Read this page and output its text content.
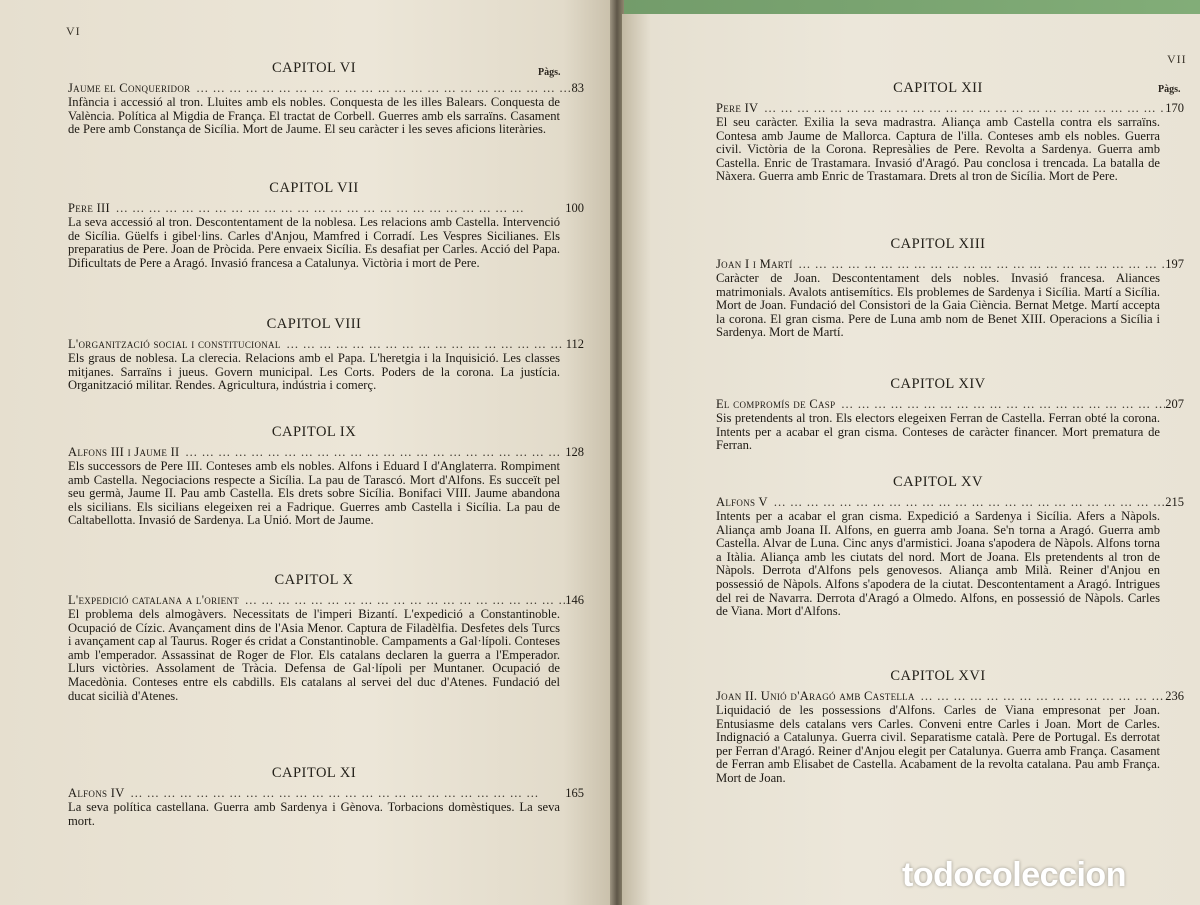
VI
Pàgs.
CAPITOL VI
Jaume el Conqueridor ... .	83
Infància i accessió al tron. Lluites amb els nobles. Conquesta de les illes Balears. Conquesta de València. Política al Migdia de França. El tractat de Corbell. Guerres amb els sarraïns. Casament de Pere amb Constança de Sicília. Mort de Jaume. El seu caràcter i les seves aficions literàries.
CAPITOL VII
Pere III ... .	100
La seva accessió al tron. Descontentament de la noblesa. Les relacions amb Castella. Intervenció de Sicília. Güelfs i gibel·lins. Carles d'Anjou, Mamfred i Corradí. Les Vespres Sicilianes. Els preparatius de Pere. Joan de Pròcida. Pere envaeix Sicília. Es desafiat per Carles. Acció del Papa. Dificultats de Pere a Aragó. Invasió francesa a Catalunya. Victòria i mort de Pere.
CAPITOL VIII
L'organització social i constitucional ... .	112
Els graus de noblesa. La clerecia. Relacions amb el Papa. L'heretgia i la Inquisició. Les classes mitjanes. Sarraïns i jueus. Govern municipal. Les Corts. Poders de la corona. La justícia. Organització militar. Rendes. Agricultura, indústria i comerç.
CAPITOL IX
Alfons III i Jaume II ... .	128
Els successors de Pere III. Conteses amb els nobles. Alfons i Eduard I d'Anglaterra. Rompiment amb Castella. Negociacions respecte a Sicília. La pau de Tarascó. Mort d'Alfons. Es succeït pel seu germà, Jaume II. Pau amb Castella. Els drets sobre Sicília. Bonifaci VIII. Jaume abandona els sicilians. Els sicilians elegeixen rei a Fadrique. Guerres amb Castella i Sicília. La pau de Caltabellotta. Invasió de Sardenya. La Unió. Mort de Jaume.
CAPITOL X
L'expedició catalana a l'orient ... .	146
El problema dels almogàvers. Necessitats de l'imperi Bizantí. L'expedició a Constantinoble. Ocupació de Cízic. Avançament dins de l'Asia Menor. Captura de Filadèlfia. Desfetes dels Turcs i avançament cap al Taurus. Roger és cridat a Constantinoble. Campaments a Gal·lípoli. Conteses amb l'emperador. Assassinat de Roger de Flor. Els catalans declaren la guerra a l'Emperador. Llurs victòries. Assolament de Tràcia. Defensa de Gal·lípoli per Muntaner. Ocupació de Macedònia. Conteses entre els cabdills. Els catalans al servei del duc d'Atenes. Fundació del ducat sicilià d'Atenes.
CAPITOL XI
Alfons IV ... .	165
La seva política castellana. Guerra amb Sardenya i Gènova. Torbacions domèstiques. La seva mort.
VII
Pàgs.
CAPITOL XII
Pere IV ... .	170
El seu caràcter. Exilia la seva madrastra. Aliança amb Castella contra els sarraïns. Contesa amb Jaume de Mallorca. Captura de l'illa. Conteses amb els nobles. Guerra civil. Victòria de la Corona. Represàlies de Pere. Revolta a Sardenya. Guerra amb Castella. Enric de Trastamara. Invasió d'Aragó. Pau conclosa i trencada. La batalla de Nàxera. Guerra amb Enric de Trastamara. Drets al tron de Sicília. Mort de Pere.
CAPITOL XIII
Joan I i Martí ... .	197
Caràcter de Joan. Descontentament dels nobles. Invasió francesa. Aliances matrimonials. Avalots antisemítics. Els problemes de Sardenya i Sicília. Martí a Sicília. Mort de Joan. Fundació del Consistori de la Gaia Ciència. Bernat Metge. Martí accepta la corona. El gran cisma. Pere de Luna amb nom de Benet XIII. Operacions a Sicília i Sardenya. Mort de Martí.
CAPITOL XIV
El compromís de Casp ... .	207
Sis pretendents al tron. Els electors elegeixen Ferran de Castella. Ferran obté la corona. Intents per a acabar el gran cisma. Conteses de caràcter financer. Mort prematura de Ferran.
CAPITOL XV
Alfons V ... .	215
Intents per a acabar el gran cisma. Expedició a Sardenya i Sicília. Afers a Nàpols. Aliança amb Joana II. Alfons, en guerra amb Joana. Se'n torna a Aragó. Guerra amb Castella. Alvar de Luna. Cinc anys d'armistici. Joana s'apodera de Nàpols. Alfons torna a Itàlia. Aliança amb les ciutats del nord. Mort de Joana. Els pretendents al tron de Nàpols. Derrota d'Alfons pels genovesos. Aliança amb Milà. Reiner d'Anjou en possessió de Nàpols. Alfons s'apodera de la ciutat. Descontentament a Aragó. Intrigues del rei de Navarra. Derrota d'Aragó a Olmedo. Alfons, en possessió de Nàpols. Carles de Viana. Mort d'Alfons.
CAPITOL XVI
Joan II. Unió d'Aragó amb Castella ... .	236
Liquidació de les possessions d'Alfons. Carles de Viana empresonat per Joan. Entusiasme dels catalans vers Carles. Conveni entre Carles i Joan. Mort de Carles. Indignació a Catalunya. Guerra civil. Separatisme català. Pere de Portugal. Es derrotat per Ferran d'Aragó. Reiner d'Anjou elegit per Catalunya. Guerra amb França. Casament de Ferran amb Elisabet de Castella. Acabament de la revolta catalana. Pau amb França. Mort de Joan.
todocoleccion
